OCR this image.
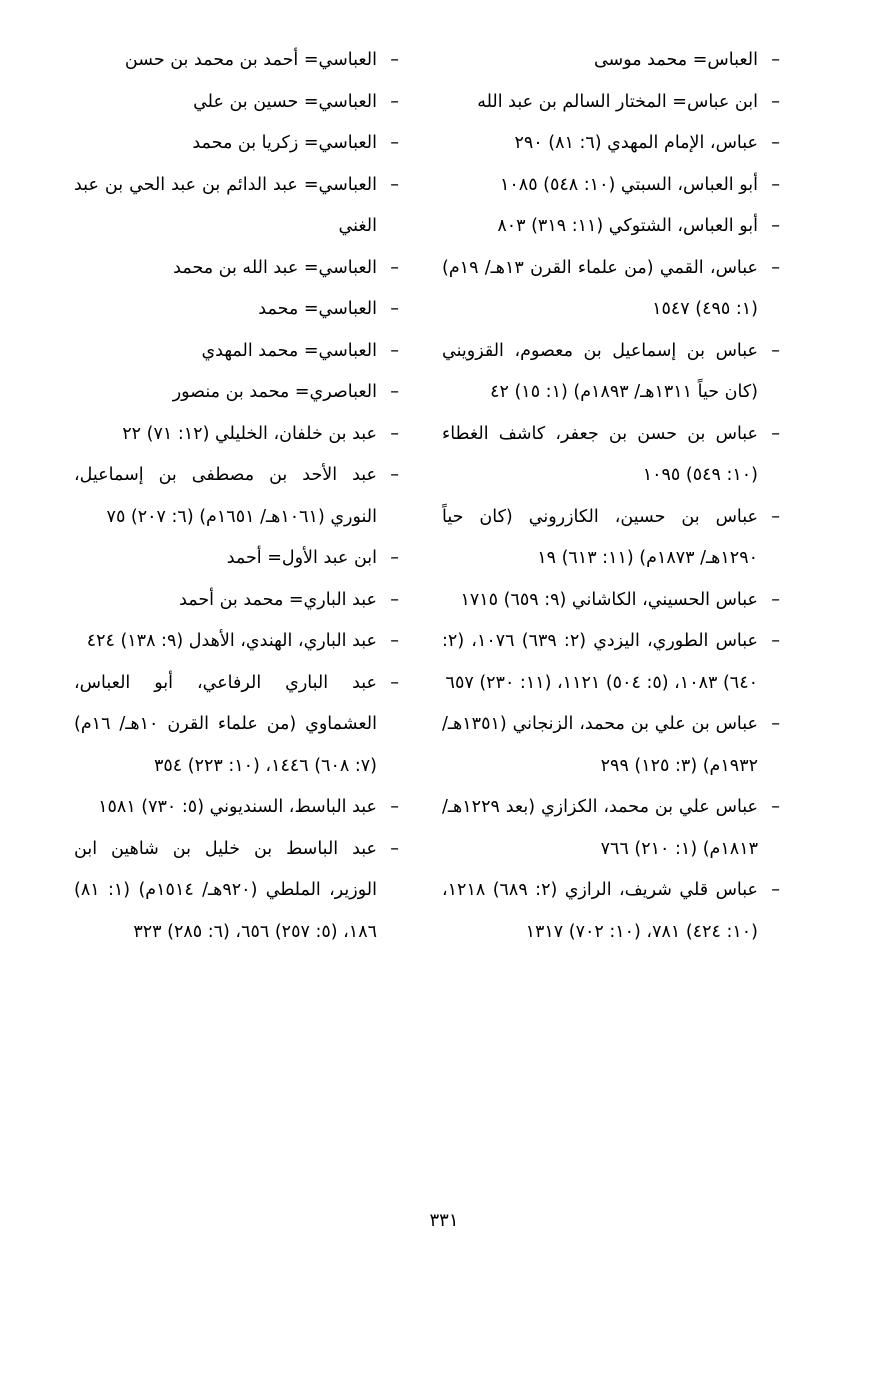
– العباس= محمد موسى
– ابن عباس= المختار السالم بن عبد الله
– عباس، الإمام المهدي (٦: ٨١) ٢٩٠
– أبو العباس، السبتي (١٠: ٥٤٨) ١٠٨٥
– أبو العباس، الشتوكي (١١: ٣١٩) ٨٠٣
– عباس، القمي (من علماء القرن ١٣هـ/ ١٩م) (١: ٤٩٥) ١٥٤٧
– عباس بن إسماعيل بن معصوم، القزويني (كان حياً ١٣١١هـ/ ١٨٩٣م) (١: ١٥) ٤٢
– عباس بن حسن بن جعفر، كاشف الغطاء (١٠: ٥٤٩) ١٠٩٥
– عباس بن حسين، الكازروني (كان حياً ١٢٩٠هـ/ ١٨٧٣م) (١١: ٦١٣) ١٩
– عباس الحسيني، الكاشاني (٩: ٦٥٩) ١٧١٥
– عباس الطوري، اليزدي (٢: ٦٣٩) ١٠٧٦، (٢: ٦٤٠) ١٠٨٣، (٥: ٥٠٤) ١١٢١، (١١: ٢٣٠) ٦٥٧
– عباس بن علي بن محمد، الزنجاني (١٣٥١هـ/ ١٩٣٢م) (٣: ١٢٥) ٢٩٩
– عباس علي بن محمد، الكزازي (بعد ١٢٢٩هـ/ ١٨١٣م) (١: ٢١٠) ٧٦٦
– عباس قلي شريف، الرازي (٢: ٦٨٩) ١٢١٨، (١٠: ٤٢٤) ٧٨١، (١٠: ٧٠٢) ١٣١٧
– العباسي= أحمد بن محمد بن حسن
– العباسي= حسين بن علي
– العباسي= زكريا بن محمد
– العباسي= عبد الدائم بن عبد الحي بن عبد الغني
– العباسي= عبد الله بن محمد
– العباسي= محمد
– العباسي= محمد المهدي
– العباصري= محمد بن منصور
– عبد بن خلفان، الخليلي (١٢: ٧١) ٢٢
– عبد الأحد بن مصطفى بن إسماعيل، النوري (١٠٦١هـ/ ١٦٥١م) (٦: ٢٠٧) ٧٥
– ابن عبد الأول= أحمد
– عبد الباري= محمد بن أحمد
– عبد الباري، الهندي، الأهدل (٩: ١٣٨) ٤٢٤
– عبد الباري الرفاعي، أبو العباس، العشماوي (من علماء القرن ١٠هـ/ ١٦م) (٧: ٦٠٨) ١٤٤٦، (١٠: ٢٢٣) ٣٥٤
– عبد الباسط، السنديوني (٥: ٧٣٠) ١٥٨١
– عبد الباسط بن خليل بن شاهين ابن الوزير، الملطي (٩٢٠هـ/ ١٥١٤م) (١: ٨١) ١٨٦، (٥: ٢٥٧) ٦٥٦، (٦: ٢٨٥) ٣٢٣
٣٣١
